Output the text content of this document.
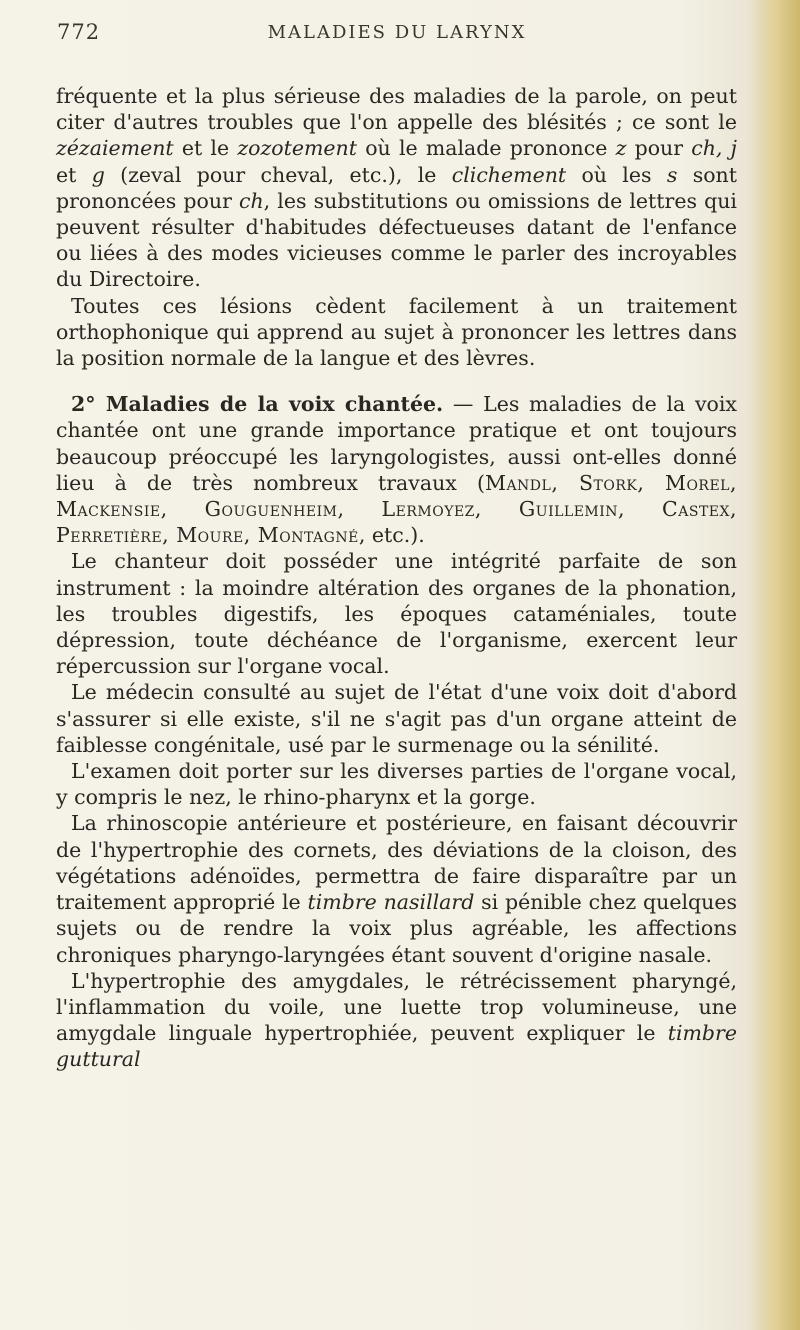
772	MALADIES DU LARYNX

fréquente et la plus sérieuse des maladies de la parole, on peut citer d'autres troubles que l'on appelle des blésités ; ce sont le zézaiement et le zozotement où le malade prononce z pour ch, j et g (zeval pour cheval, etc.), le clichement où les s sont prononcées pour ch, les substitutions ou omissions de lettres qui peuvent résulter d'habitudes défectueuses datant de l'enfance ou liées à des modes vicieuses comme le parler des incroyables du Directoire.

Toutes ces lésions cèdent facilement à un traitement orthophonique qui apprend au sujet à prononcer les lettres dans la position normale de la langue et des lèvres.

2° Maladies de la voix chantée. — Les maladies de la voix chantée ont une grande importance pratique et ont toujours beaucoup préoccupé les laryngologistes, aussi ont-elles donné lieu à de très nombreux travaux (Mandl, Stork, Morel, Mackensie, Gouguenheim, Lermoyez, Guillemin, Castex, Perretière, Moure, Montagné, etc.).

Le chanteur doit posséder une intégrité parfaite de son instrument : la moindre altération des organes de la phonation, les troubles digestifs, les époques cataméniales, toute dépression, toute déchéance de l'organisme, exercent leur répercussion sur l'organe vocal.

Le médecin consulté au sujet de l'état d'une voix doit d'abord s'assurer si elle existe, s'il ne s'agit pas d'un organe atteint de faiblesse congénitale, usé par le surmenage ou la sénilité.

L'examen doit porter sur les diverses parties de l'organe vocal, y compris le nez, le rhino-pharynx et la gorge.

La rhinoscopie antérieure et postérieure, en faisant découvrir de l'hypertrophie des cornets, des déviations de la cloison, des végétations adénoïdes, permettra de faire disparaître par un traitement approprié le timbre nasillard si pénible chez quelques sujets ou de rendre la voix plus agréable, les affections chroniques pharyngo-laryngées étant souvent d'origine nasale.

L'hypertrophie des amygdales, le rétrécissement pharyngé, l'inflammation du voile, une luette trop volumineuse, une amygdale linguale hypertrophiée, peuvent expliquer le timbre guttural
